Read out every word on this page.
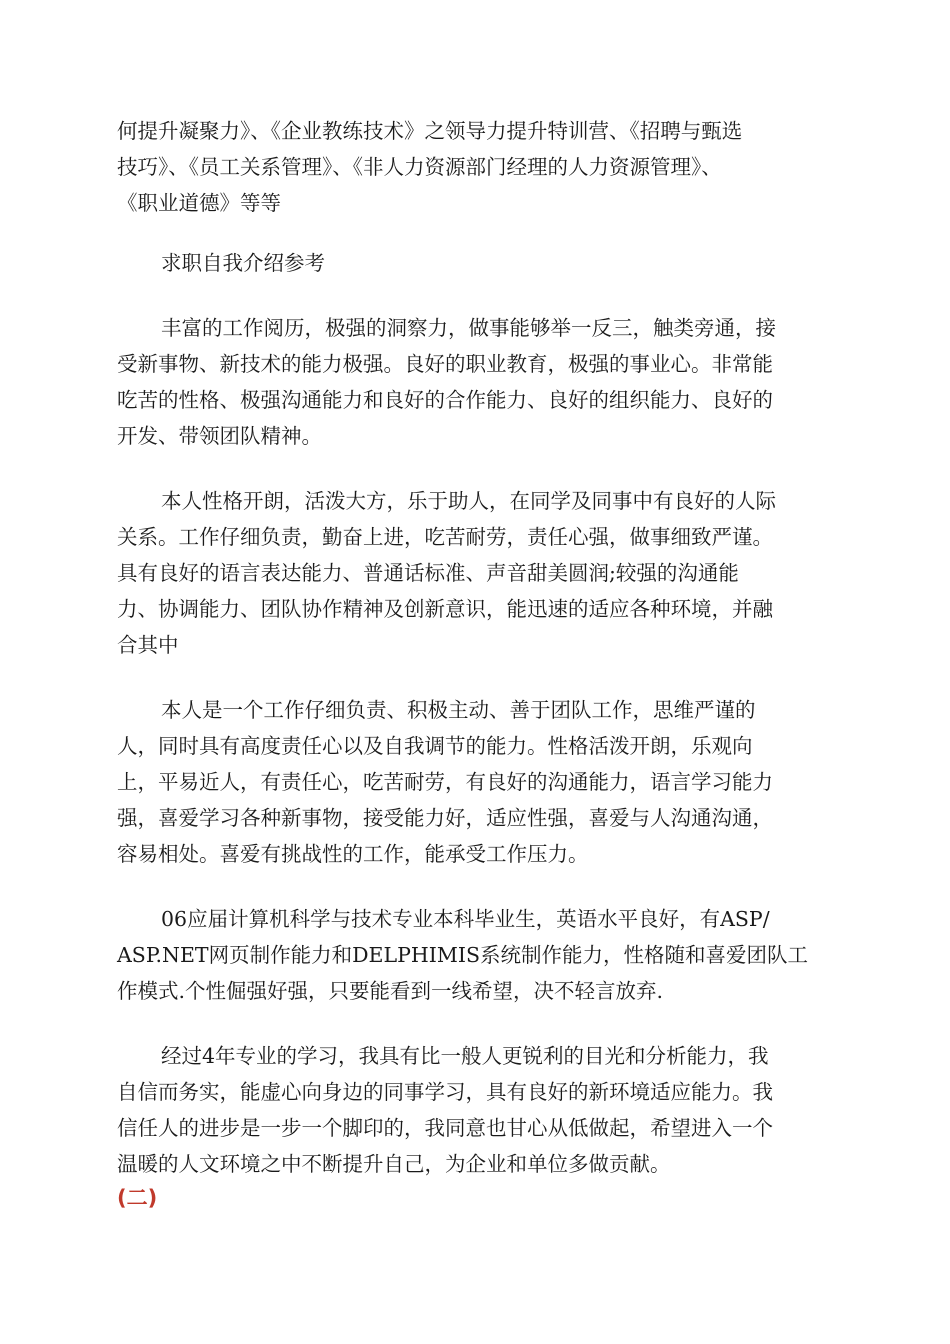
何提升凝聚力》、《企业教练技术》之领导力提升特训营、《招聘与甄选
技巧》、《员工关系管理》、《非人力资源部门经理的人力资源管理》、
《职业道德》等等
求职自我介绍参考
丰富的工作阅历，极强的洞察力，做事能够举一反三，触类旁通，接
受新事物、新技术的能力极强。良好的职业教育，极强的事业心。非常能
吃苦的性格、极强沟通能力和良好的合作能力、良好的组织能力、良好的
开发、带领团队精神。
本人性格开朗，活泼大方，乐于助人，在同学及同事中有良好的人际
关系。工作仔细负责，勤奋上进，吃苦耐劳，责任心强，做事细致严谨。
具有良好的语言表达能力、普通话标准、声音甜美圆润;较强的沟通能
力、协调能力、团队协作精神及创新意识，能迅速的适应各种环境，并融
合其中
本人是一个工作仔细负责、积极主动、善于团队工作，思维严谨的
人，同时具有高度责任心以及自我调节的能力。性格活泼开朗，乐观向
上，平易近人，有责任心，吃苦耐劳，有良好的沟通能力，语言学习能力
强，喜爱学习各种新事物，接受能力好，适应性强，喜爱与人沟通沟通，
容易相处。喜爱有挑战性的工作，能承受工作压力。
06应届计算机科学与技术专业本科毕业生，英语水平良好，有ASP/
ASP.NET网页制作能力和DELPHIMIS系统制作能力，性格随和喜爱团队工
作模式.个性倔强好强，只要能看到一线希望，决不轻言放弃.
经过4年专业的学习，我具有比一般人更锐利的目光和分析能力，我
自信而务实，能虚心向身边的同事学习，具有良好的新环境适应能力。我
信任人的进步是一步一个脚印的，我同意也甘心从低做起，希望进入一个
温暖的人文环境之中不断提升自己，为企业和单位多做贡献。
(二)
